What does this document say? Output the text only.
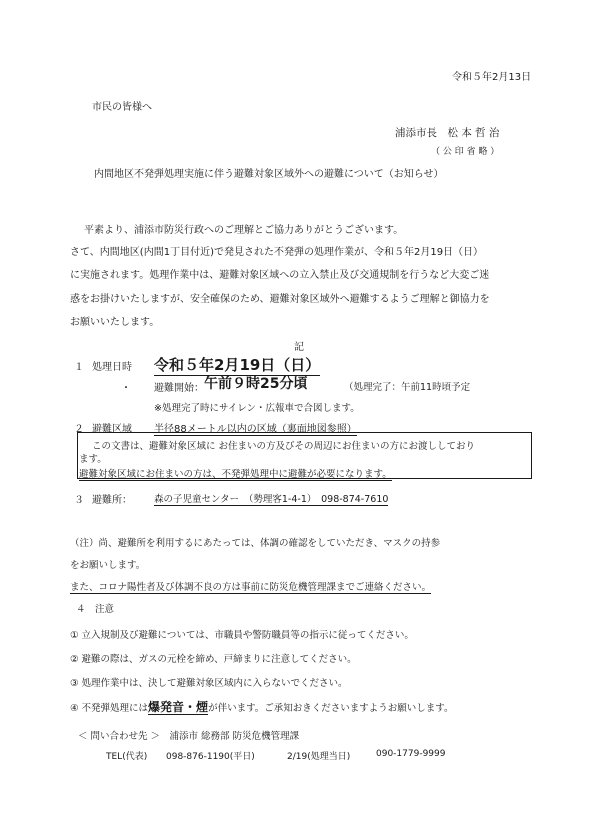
令和５年2月13日
市民の皆様へ
浦添市長　松 本 哲 治
（ 公 印 省 略 ）
内間地区不発弾処理実施に伴う避難対象区域外への避難について（お知らせ）
平素より、浦添市防災行政へのご理解とご協力ありがとうございます。
さて、内間地区(内間1丁目付近)で発見された不発弾の処理作業が、令和５年2月19日（日）
に実施されます。処理作業中は、避難対象区域への立入禁止及び交通規制を行うなど大変ご迷
惑をお掛けいたしますが、安全確保のため、避難対象区域外へ避難するようご理解と御協力を
お願いいたします。
記
１ 処理日時 令和５年2月19日（日）
・ 避難開始： 午前９時25分頃	（処理完了：午前11時頃予定
※処理完了時にサイレン・広報車で合図します。
２ 避難区域 半径88メートル以内の区域（裏面地図参照）
この文書は、避難対象区域に お住まいの方及びその周辺にお住まいの方にお渡ししており
ます。
避難対象区域にお住まいの方は、不発弾処理中に避難が必要になります。
３ 避難所： 森の子児童センター　（勢理客1-4-1）　098-874-7610
（注）尚、避難所を利用するにあたっては、体調の確認をしていただき、マスクの持参
をお願いします。
また、コロナ陽性者及び体調不良の方は事前に防災危機管理課までご連絡ください。
４　注意
① 立入規制及び避難については、市職員や警防職員等の指示に従ってください。
② 避難の際は、ガスの元栓を締め、戸締まりに注意してください。
③ 処理作業中は、決して避難対象区域内に入らないでください。
④ 不発弾処理には爆発音・煙が伴います。ご承知おきくださいますようお願いします。
＜ 問い合わせ先 ＞　浦添市 総務部 防災危機管理課
TEL(代表) 098-876-1190(平日)	2/19(処理当日)	090-1779-9999
